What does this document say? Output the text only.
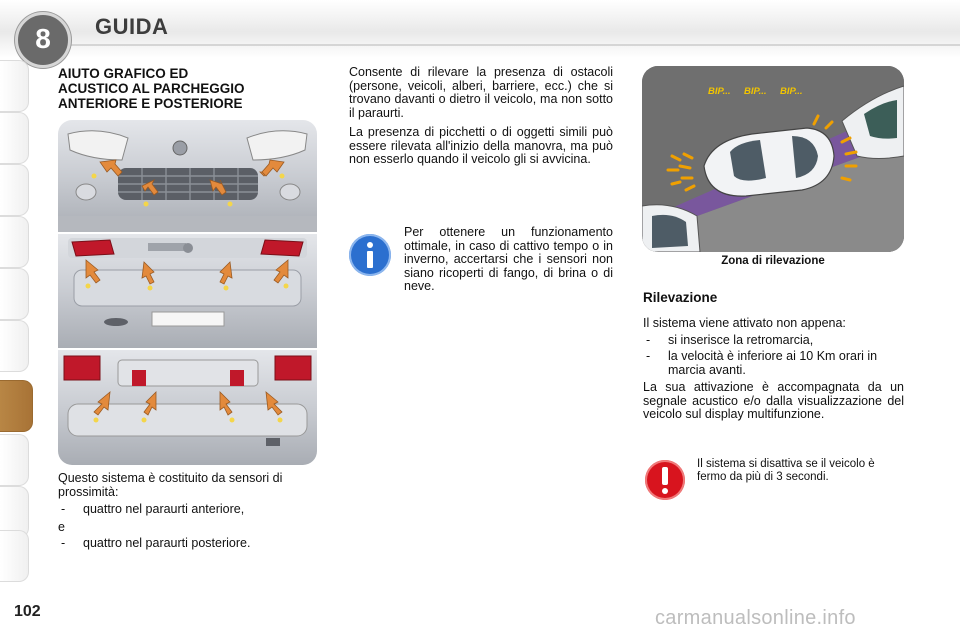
8	GUIDA
AIUTO GRAFICO ED
ACUSTICO AL PARCHEGGIO
ANTERIORE E POSTERIORE
Questo sistema è costituito da sensori di prossimità:
- quattro nel paraurti anteriore,
e
- quattro nel paraurti posteriore.

Consente di rilevare la presenza di ostacoli (persone, veicoli, alberi, barriere, ecc.) che si trovano davanti o dietro il veicolo, ma non sotto il paraurti.

La presenza di picchetti o di oggetti simili può essere rilevata all'inizio della manovra, ma può non esserlo quando il veicolo gli si avvicina.

Per ottenere un funzionamento ottimale, in caso di cattivo tempo o in inverno, accertarsi che i sensori non siano ricoperti di fango, di brina o di neve.
BIP... BIP... BIP...
Zona di rilevazione
Rilevazione

Il sistema viene attivato non appena:

- si inserisce la retromarcia,
- la velocità è inferiore ai 10 Km orari in marcia avanti.

La sua attivazione è accompagnata da un segnale acustico e/o dalla visualizzazione del veicolo sul display multifunzione.

Il sistema si disattiva se il veicolo è fermo da più di 3 secondi.
102	carmanualsonline.info
